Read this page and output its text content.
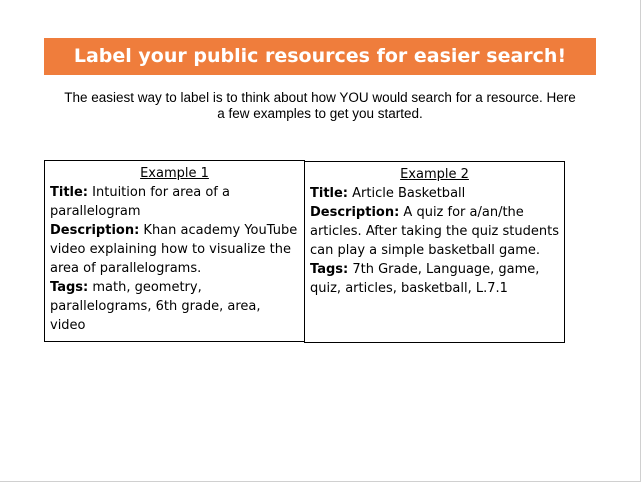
Label your public resources for easier search!
The easiest way to label is to think about how YOU would search for a resource. Here
a few examples to get you started.
Example 1
Title: Intuition for area of a parallelogram
Description: Khan academy YouTube video explaining how to visualize the area of parallelograms.
Tags: math, geometry, parallelograms, 6th grade, area, video
Example 2
Title: Article Basketball
Description: A quiz for a/an/the articles. After taking the quiz students can play a simple basketball game.
Tags: 7th Grade, Language, game, quiz, articles, basketball, L.7.1
